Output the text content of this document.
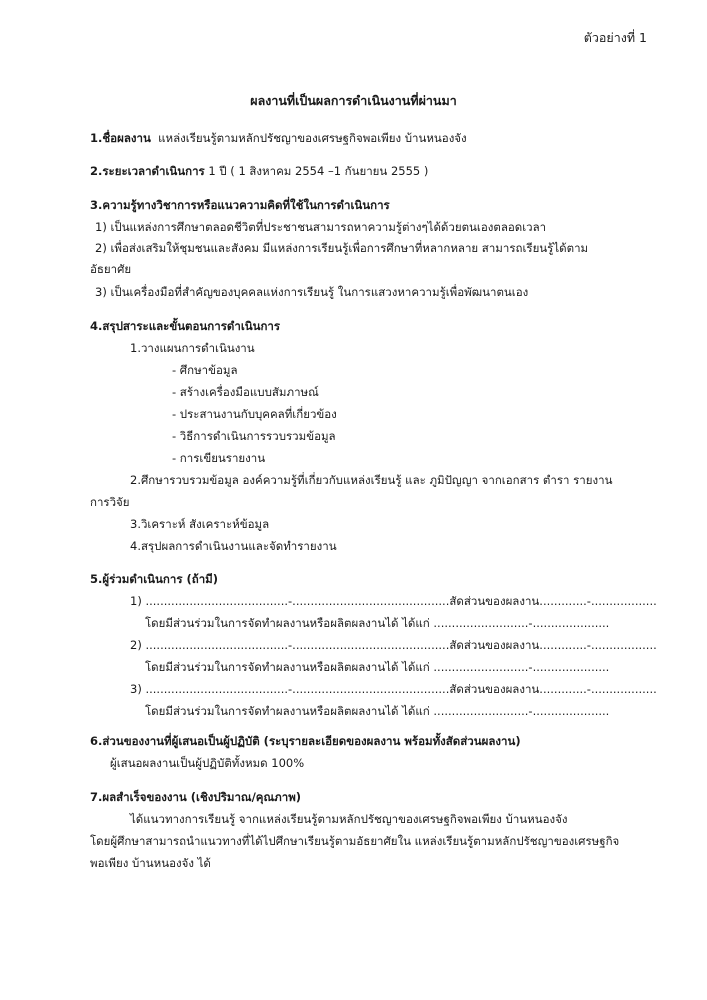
ตัวอย่างที่ 1
ผลงานที่เป็นผลการดำเนินงานที่ผ่านมา
1.ชื่อผลงาน แหล่งเรียนรู้ตามหลักปรัชญาของเศรษฐกิจพอเพียง บ้านหนองจัง
2.ระยะเวลาดำเนินการ 1 ปี ( 1 สิงหาคม 2554 –1 กันยายน 2555 )
3.ความรู้ทางวิชาการหรือแนวความคิดที่ใช้ในการดำเนินการ
1) เป็นแหล่งการศึกษาตลอดชีวิตที่ประชาชนสามารถหาความรู้ต่างๆได้ด้วยตนเองตลอดเวลา
2) เพื่อส่งเสริมให้ชุมชนและสังคม มีแหล่งการเรียนรู้เพื่อการศึกษาที่หลากหลาย สามารถเรียนรู้ได้ตาม
อัธยาศัย
3) เป็นเครื่องมือที่สำคัญของบุคคลแห่งการเรียนรู้ ในการแสวงหาความรู้เพื่อพัฒนาตนเอง
4.สรุปสาระและขั้นตอนการดำเนินการ
1.วางแผนการดำเนินงาน
- ศึกษาข้อมูล
- สร้างเครื่องมือแบบสัมภาษณ์
- ประสานงานกับบุคคลที่เกี่ยวข้อง
- วิธีการดำเนินการรวบรวมข้อมูล
- การเขียนรายงาน
2.ศึกษารวบรวมข้อมูล องค์ความรู้ที่เกี่ยวกับแหล่งเรียนรู้ และ ภูมิปัญญา จากเอกสาร ตำรา รายงาน
การวิจัย
3.วิเคราะห์ สังเคราะห์ข้อมูล
4.สรุปผลการดำเนินงานและจัดทำรายงาน
5.ผู้ร่วมดำเนินการ (ถ้ามี)
1) .......................................-...........................................สัดส่วนของผลงาน.............-..................
โดยมีส่วนร่วมในการจัดทำผลงานหรือผลิตผลงานได้ ได้แก่ ..........................-.....................
2) .......................................-...........................................สัดส่วนของผลงาน.............-..................
โดยมีส่วนร่วมในการจัดทำผลงานหรือผลิตผลงานได้ ได้แก่ ..........................-.....................
3) .......................................-...........................................สัดส่วนของผลงาน.............-..................
โดยมีส่วนร่วมในการจัดทำผลงานหรือผลิตผลงานได้ ได้แก่ ..........................-.....................
6.ส่วนของงานที่ผู้เสนอเป็นผู้ปฏิบัติ (ระบุรายละเอียดของผลงาน พร้อมทั้งสัดส่วนผลงาน)
ผู้เสนอผลงานเป็นผู้ปฏิบัติทั้งหมด 100%
7.ผลสำเร็จของงาน (เชิงปริมาณ/คุณภาพ)
ได้แนวทางการเรียนรู้ จากแหล่งเรียนรู้ตามหลักปรัชญาของเศรษฐกิจพอเพียง บ้านหนองจัง
โดยผู้ศึกษาสามารถนำแนวทางที่ได้ไปศึกษาเรียนรู้ตามอัธยาศัยใน แหล่งเรียนรู้ตามหลักปรัชญาของเศรษฐกิจ
พอเพียง บ้านหนองจัง ได้
